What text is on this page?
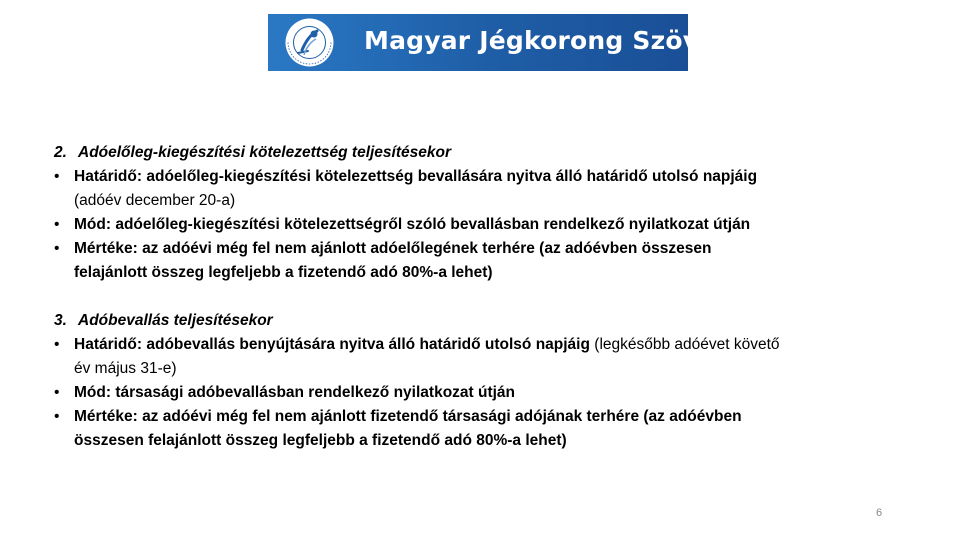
Magyar Jégkorong Szövetség
2. Adóelőleg-kiegészítési kötelezettség teljesítésekor
• Határidő: adóelőleg-kiegészítési kötelezettség bevallására nyitva álló határidő utolsó napjáig
(adóév december 20-a)
• Mód: adóelőleg-kiegészítési kötelezettségről szóló bevallásban rendelkező nyilatkozat útján
• Mértéke: az adóévi még fel nem ajánlott adóelőlegének terhére (az adóévben összesen
felajánlott összeg legfeljebb a fizetendő adó 80%-a lehet)
3. Adóbevallás teljesítésekor
• Határidő: adóbevallás benyújtására nyitva álló határidő utolsó napjáig (legkésőbb adóévet követő
év május 31-e)
• Mód: társasági adóbevallásban rendelkező nyilatkozat útján
• Mértéke: az adóévi még fel nem ajánlott fizetendő társasági adójának terhére (az adóévben
összesen felajánlott összeg legfeljebb a fizetendő adó 80%-a lehet)
6
